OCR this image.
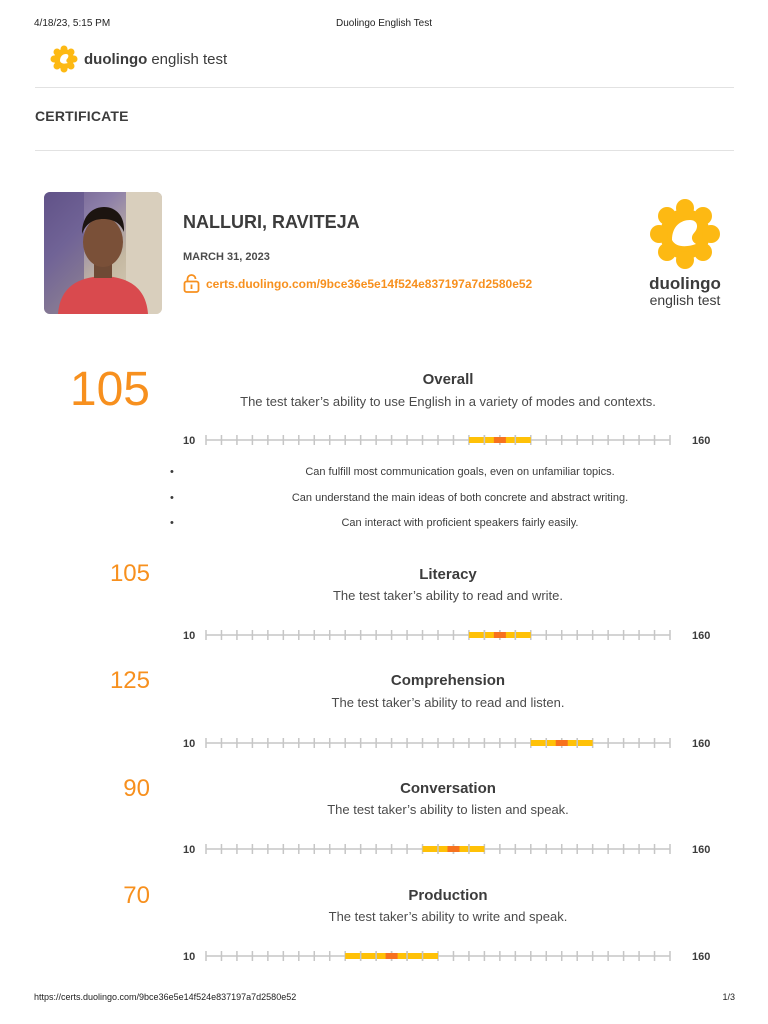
4/18/23, 5:15 PM	Duolingo English Test
https://certs.duolingo.com/9bce36e5e14f524e837197a7d2580e52	1/3
duolingo english test
CERTIFICATE
NALLURI, RAVITEJA
MARCH 31, 2023
certs.duolingo.com/9bce36e5e14f524e837197a7d2580e52	duolingo
english test
105	Overall
The test taker’s ability to use English in a variety of modes and contexts.
10	160
• Can fulfill most communication goals, even on unfamiliar topics.
• Can understand the main ideas of both concrete and abstract writing.
• Can interact with proficient speakers fairly easily.
105	Literacy
The test taker’s ability to read and write.
10	160
125	Comprehension
The test taker’s ability to read and listen.
10	160
90	Conversation
The test taker’s ability to listen and speak.
10	160
70	Production
The test taker’s ability to write and speak.
10	160
